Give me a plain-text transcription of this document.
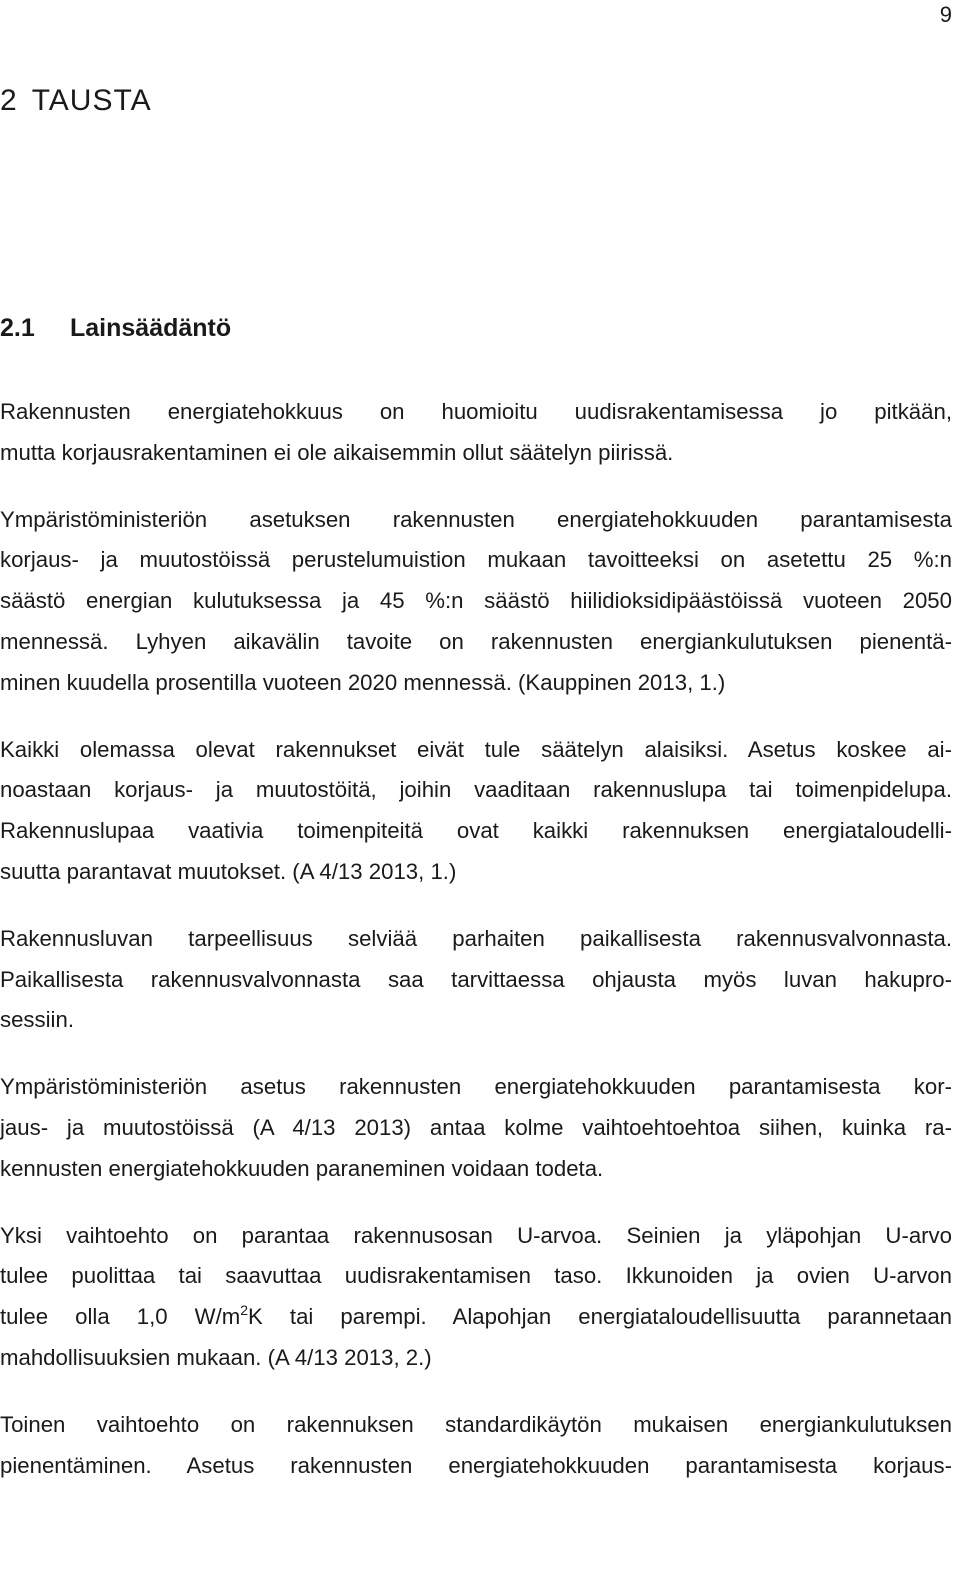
9
2 TAUSTA
2.1 Lainsäädäntö

Rakennusten energiatehokkuus on huomioitu uudisrakentamisessa jo pitkään,
mutta korjausrakentaminen ei ole aikaisemmin ollut säätelyn piirissä.

Ympäristöministeriön asetuksen rakennusten energiatehokkuuden parantamisesta
korjaus- ja muutostöissä perustelumuistion mukaan tavoitteeksi on asetettu 25 %:n
säästö energian kulutuksessa ja 45 %:n säästö hiilidioksidipäästöissä vuoteen 2050
mennessä. Lyhyen aikavälin tavoite on rakennusten energiankulutuksen pienentä-
minen kuudella prosentilla vuoteen 2020 mennessä. (Kauppinen 2013, 1.)

Kaikki olemassa olevat rakennukset eivät tule säätelyn alaisiksi. Asetus koskee ai-
noastaan korjaus- ja muutostöitä, joihin vaaditaan rakennuslupa tai toimenpidelupa.
Rakennuslupaa vaativia toimenpiteitä ovat kaikki rakennuksen energiataloudelli-
suutta parantavat muutokset. (A 4/13 2013, 1.)

Rakennusluvan tarpeellisuus selviää parhaiten paikallisesta rakennusvalvonnasta.
Paikallisesta rakennusvalvonnasta saa tarvittaessa ohjausta myös luvan hakupro-
sessiin.

Ympäristöministeriön asetus rakennusten energiatehokkuuden parantamisesta kor-
jaus- ja muutostöissä (A 4/13 2013) antaa kolme vaihtoehtoehtoa siihen, kuinka ra-
kennusten energiatehokkuuden paraneminen voidaan todeta.

Yksi vaihtoehto on parantaa rakennusosan U-arvoa. Seinien ja yläpohjan U-arvo
tulee puolittaa tai saavuttaa uudisrakentamisen taso. Ikkunoiden ja ovien U-arvon
tulee olla 1,0 $W/m^2K$ tai parempi. Alapohjan energiataloudellisuutta parannetaan
mahdollisuuksien mukaan. (A 4/13 2013, 2.)

Toinen vaihtoehto on rakennuksen standardikäytön mukaisen energiankulutuksen
pienentäminen. Asetus rakennusten energiatehokkuuden parantamisesta korjaus-
